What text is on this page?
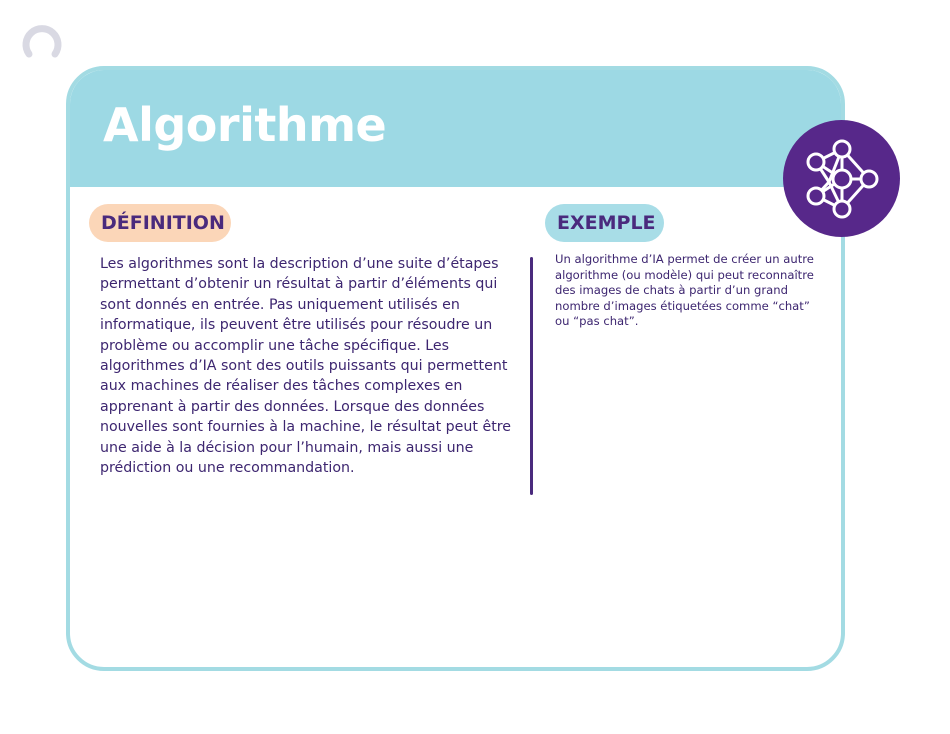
Algorithme
DÉFINITION

Les algorithmes sont la description d’une suite d’étapes permettant d’obtenir un résultat à partir d’éléments qui sont donnés en entrée. Pas uniquement utilisés en informatique, ils peuvent être utilisés pour résoudre un problème ou accomplir une tâche spécifique. Les algorithmes d’IA sont des outils puissants qui permettent aux machines de réaliser des tâches complexes en apprenant à partir des données. Lorsque des données nouvelles sont fournies à la machine, le résultat peut être une aide à la décision pour l’humain, mais aussi une prédiction ou une recommandation.

EXEMPLE

Un algorithme d’IA permet de créer un autre algorithme (ou modèle) qui peut reconnaître des images de chats à partir d’un grand nombre d’images étiquetées comme “chat” ou “pas chat”.
